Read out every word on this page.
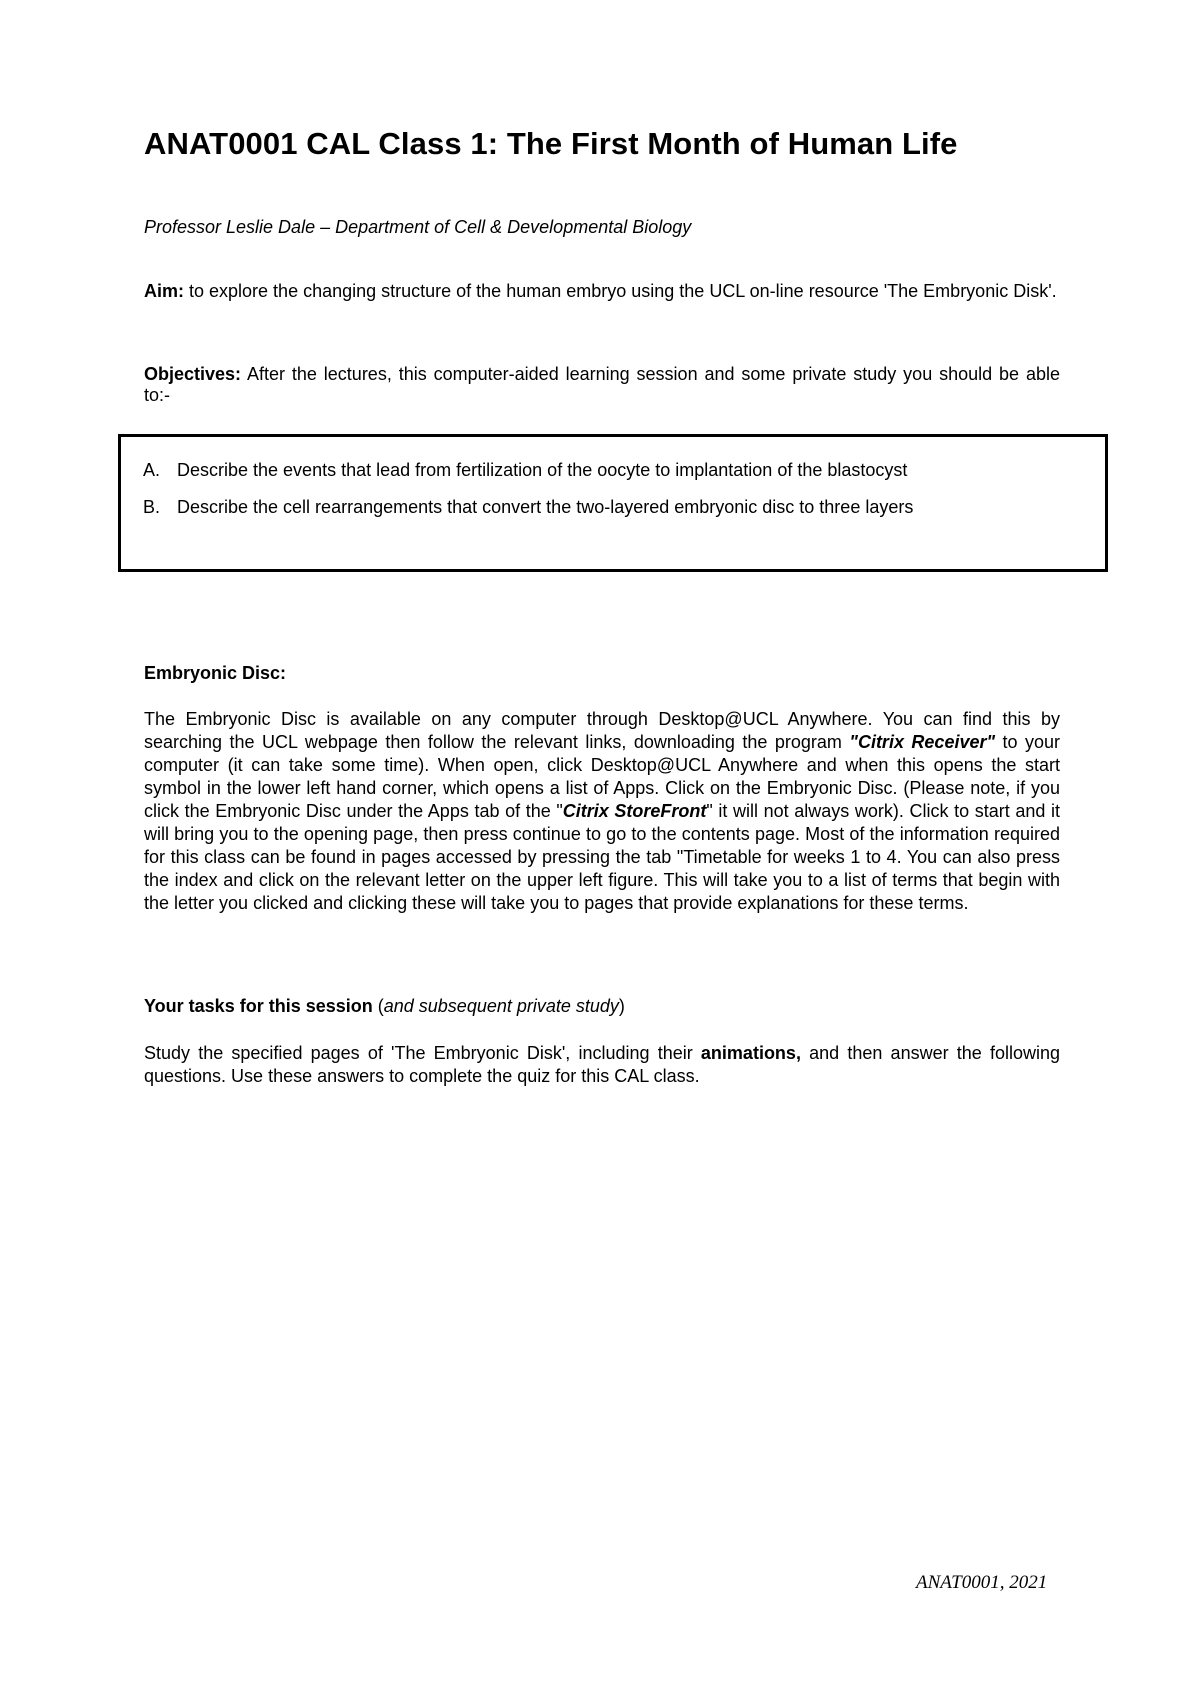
ANAT0001 CAL Class 1: The First Month of Human Life

Professor Leslie Dale – Department of Cell & Developmental Biology

Aim: to explore the changing structure of the human embryo using the UCL on-line resource 'The Embryonic Disk'.

Objectives: After the lectures, this computer-aided learning session and some private study you should be able to:-

A. Describe the events that lead from fertilization of the oocyte to implantation of the blastocyst
B. Describe the cell rearrangements that convert the two-layered embryonic disc to three layers
Embryonic Disc:

The Embryonic Disc is available on any computer through Desktop@UCL Anywhere. You can find this by searching the UCL webpage then follow the relevant links, downloading the program "Citrix Receiver" to your computer (it can take some time). When open, click Desktop@UCL Anywhere and when this opens the start symbol in the lower left hand corner, which opens a list of Apps. Click on the Embryonic Disc. (Please note, if you click the Embryonic Disc under the Apps tab of the "Citrix StoreFront" it will not always work). Click to start and it will bring you to the opening page, then press continue to go to the contents page. Most of the information required for this class can be found in pages accessed by pressing the tab "Timetable for weeks 1 to 4. You can also press the index and click on the relevant letter on the upper left figure. This will take you to a list of terms that begin with the letter you clicked and clicking these will take you to pages that provide explanations for these terms.

Your tasks for this session (and subsequent private study)

Study the specified pages of 'The Embryonic Disk', including their animations, and then answer the following questions. Use these answers to complete the quiz for this CAL class.

ANAT0001, 2021
